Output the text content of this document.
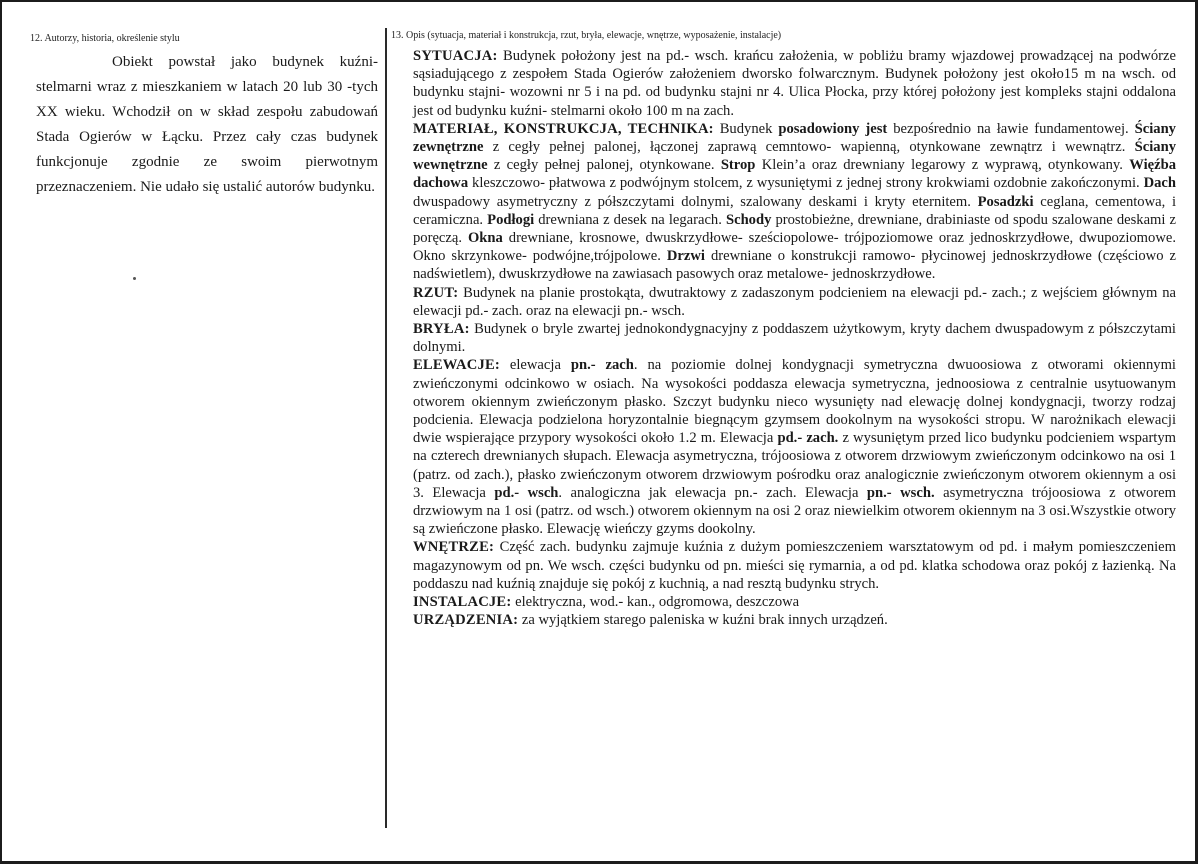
12. Autorzy, historia, określenie stylu

Obiekt powstał jako budynek kuźni-stelmarni wraz z mieszkaniem w latach 20 lub 30 -tych XX wieku. Wchodził on w skład zespołu zabudowań Stada Ogierów w Łącku. Przez cały czas budynek funkcjonuje zgodnie ze swoim pierwotnym przeznaczeniem. Nie udało się ustalić autorów budynku.

13. Opis (sytuacja, materiał i konstrukcja, rzut, bryła, elewacje, wnętrze, wyposażenie, instalacje)

SYTUACJA: Budynek położony jest na pd.- wsch. krańcu założenia, w pobliżu bramy wjazdowej prowadzącej na podwórze sąsiadującego z zespołem Stada Ogierów założeniem dworsko folwarcznym. Budynek położony jest około15 m na wsch. od budynku stajni- wozowni nr 5 i na pd. od budynku stajni nr 4. Ulica Płocka, przy której położony jest kompleks stajni oddalona jest od budynku kuźni- stelmarni około 100 m na zach.

MATERIAŁ, KONSTRUKCJA, TECHNIKA: Budynek posadowiony jest bezpośrednio na ławie fundamentowej. Ściany zewnętrzne z cegły pełnej palonej, łączonej zaprawą cemntowo- wapienną, otynkowane zewnątrz i wewnątrz. Ściany wewnętrzne z cegły pełnej palonej, otynkowane. Strop Klein’a oraz drewniany legarowy z wyprawą, otynkowany. Więźba dachowa kleszczowo- płatwowa z podwójnym stolcem, z wysuniętymi z jednej strony krokwiami ozdobnie zakończonymi. Dach dwuspadowy asymetryczny z półszczytami dolnymi, szalowany deskami i kryty eternitem. Posadzki ceglana, cementowa, i ceramiczna. Podłogi drewniana z desek na legarach. Schody prostobieżne, drewniane, drabiniaste od spodu szalowane deskami z poręczą. Okna drewniane, krosnowe, dwuskrzydłowe- sześciopolowe- trójpoziomowe oraz jednoskrzydłowe, dwupoziomowe. Okno skrzynkowe- podwójne,trójpolowe. Drzwi drewniane o konstrukcji ramowo- płycinowej jednoskrzydłowe (częściowo z nadświetlem), dwuskrzydłowe na zawiasach pasowych oraz metalowe- jednoskrzydłowe.

RZUT: Budynek na planie prostokąta, dwutraktowy z zadaszonym podcieniem na elewacji pd.- zach.; z wejściem głównym na elewacji pd.- zach. oraz na elewacji pn.- wsch.

BRYŁA: Budynek o bryle zwartej jednokondygnacyjny z poddaszem użytkowym, kryty dachem dwuspadowym z półszczytami dolnymi.

ELEWACJE: elewacja pn.- zach. na poziomie dolnej kondygnacji symetryczna dwuoosiowa z otworami okiennymi zwieńczonymi odcinkowo w osiach. Na wysokości poddasza elewacja symetryczna, jednoosiowa z centralnie usytuowanym otworem okiennym zwieńczonym płasko. Szczyt budynku nieco wysunięty nad elewację dolnej kondygnacji, tworzy rodzaj podcienia. Elewacja podzielona horyzontalnie biegnącym gzymsem dookolnym na wysokości stropu. W narożnikach elewacji dwie wspierające przypory wysokości około 1.2 m. Elewacja pd.- zach. z wysuniętym przed lico budynku podcieniem wspartym na czterech drewnianych słupach. Elewacja asymetryczna, trójoosiowa z otworem drzwiowym zwieńczonym odcinkowo na osi 1 (patrz. od zach.), płasko zwieńczonym otworem drzwiowym pośrodku oraz analogicznie zwieńczonym otworem okiennym a osi 3. Elewacja pd.- wsch. analogiczna jak elewacja pn.- zach. Elewacja pn.- wsch. asymetryczna trójoosiowa z otworem drzwiowym na 1 osi (patrz. od wsch.) otworem okiennym na osi 2 oraz niewielkim otworem okiennym na 3 osi.Wszystkie otwory są zwieńczone płasko. Elewację wieńczy gzyms dookolny.

WNĘTRZE: Część zach. budynku zajmuje kuźnia z dużym pomieszczeniem warsztatowym od pd. i małym pomieszczeniem magazynowym od pn. We wsch. części budynku od pn. mieści się rymarnia, a od pd. klatka schodowa oraz pokój z łazienką. Na poddaszu nad kuźnią znajduje się pokój z kuchnią, a nad resztą budynku strych.

INSTALACJE: elektryczna, wod.- kan., odgromowa, deszczowa

URZĄDZENIA: za wyjątkiem starego paleniska w kuźni brak innych urządzeń.
